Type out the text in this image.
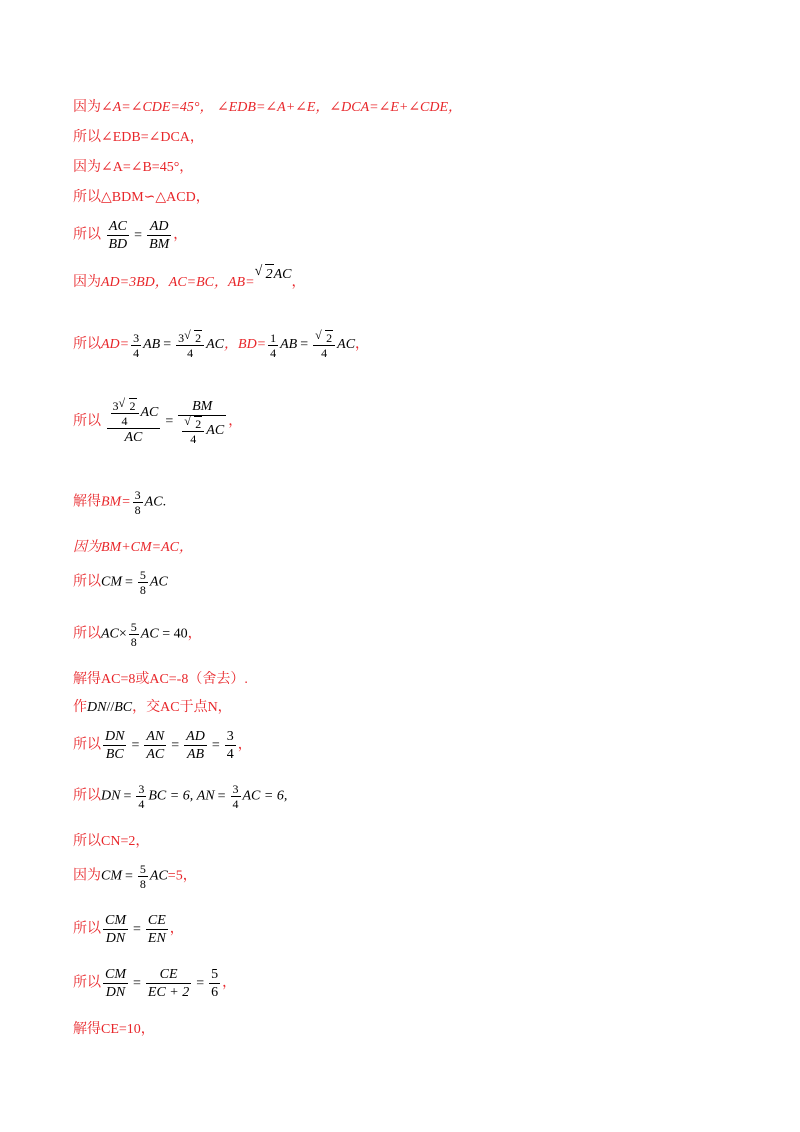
因为∠A=∠CDE=45°， ∠EDB=∠A+∠E，∠DCA=∠E+∠CDE，
所以∠EDB=∠DCA，
因为∠A=∠B=45°，
所以△BDM∽△ACD，
所以 $\frac{AC}{BD} = \frac{AD}{BM}$ ，
因为AD=3BD，AC=BC，AB=
√ 2AC，
所以$AD= \frac{3}{4}$ AB = $\frac{3 √ 2}{4}$ AC，$BD= \frac{1}{4}$ AB = $\frac{√ 2}{4}$ AC，
所以 $\frac{\frac{3 √ 2}{4} AC}{AC} = \frac{BM}{\frac{√ 2}{4} AC}$ ，
解得$BM= \frac{3}{8}$ AC.
因为BM+CM=AC，
所以CM = $\frac{5}{8}$ AC
所以$AC\times \frac{5}{8}$ AC = 40，
解得AC=8或AC=-8（舍去）.
作DN//BC，交AC于点N，
所以 $\frac{DN}{BC} = \frac{AN}{AC} = \frac{AD}{AB} = \frac{3}{4}$ ，
所以DN = $\frac{3}{4}$ BC = 6, AN = $\frac{3}{4}$ AC = 6,
所以CN=2，
因为CM = $\frac{5}{8} AC=5$，
所以 $\frac{CM}{DN} = \frac{CE}{EN}$ ，
所以 $\frac{CM}{DN} = \frac{CE}{EC + 2} = \frac{5}{6}$ ，
解得CE=10，
